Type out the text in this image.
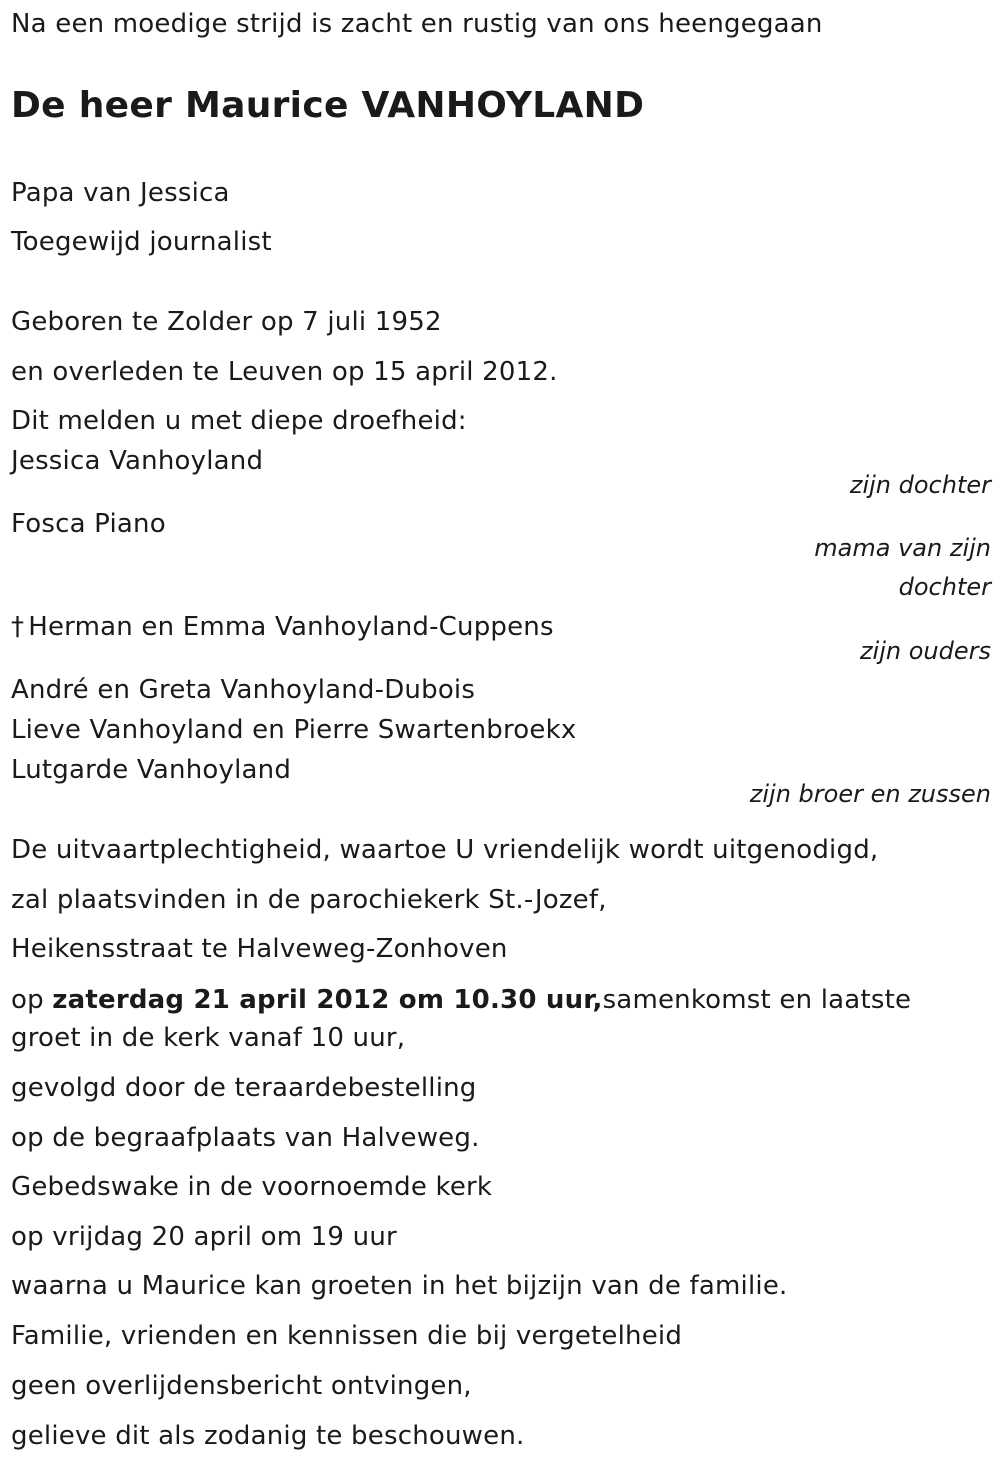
Na een moedige strijd is zacht en rustig van ons heengegaan
De heer Maurice VANHOYLAND
Papa van Jessica
Toegewijd journalist
Geboren te Zolder op 7 juli 1952
en overleden te Leuven op 15 april 2012.
Dit melden u met diepe droefheid:
Jessica Vanhoyland
zijn dochter
Fosca Piano
mama van zijn
dochter
† Herman en Emma Vanhoyland-Cuppens
zijn ouders
André en Greta Vanhoyland-Dubois
Lieve Vanhoyland en Pierre Swartenbroekx
Lutgarde Vanhoyland
zijn broer en zussen
De uitvaartplechtigheid, waartoe U vriendelijk wordt uitgenodigd,
zal plaatsvinden in de parochiekerk St.-Jozef,
Heikensstraat te Halveweg-Zonhoven
op zaterdag 21 april 2012 om 10.30 uur,samenkomst en laatste groet in de kerk vanaf 10 uur,
gevolgd door de teraardebestelling
op de begraafplaats van Halveweg.
Gebedswake in de voornoemde kerk
op vrijdag 20 april om 19 uur
waarna u Maurice kan groeten in het bijzijn van de familie.
Familie, vrienden en kennissen die bij vergetelheid
geen overlijdensbericht ontvingen,
gelieve dit als zodanig te beschouwen.
